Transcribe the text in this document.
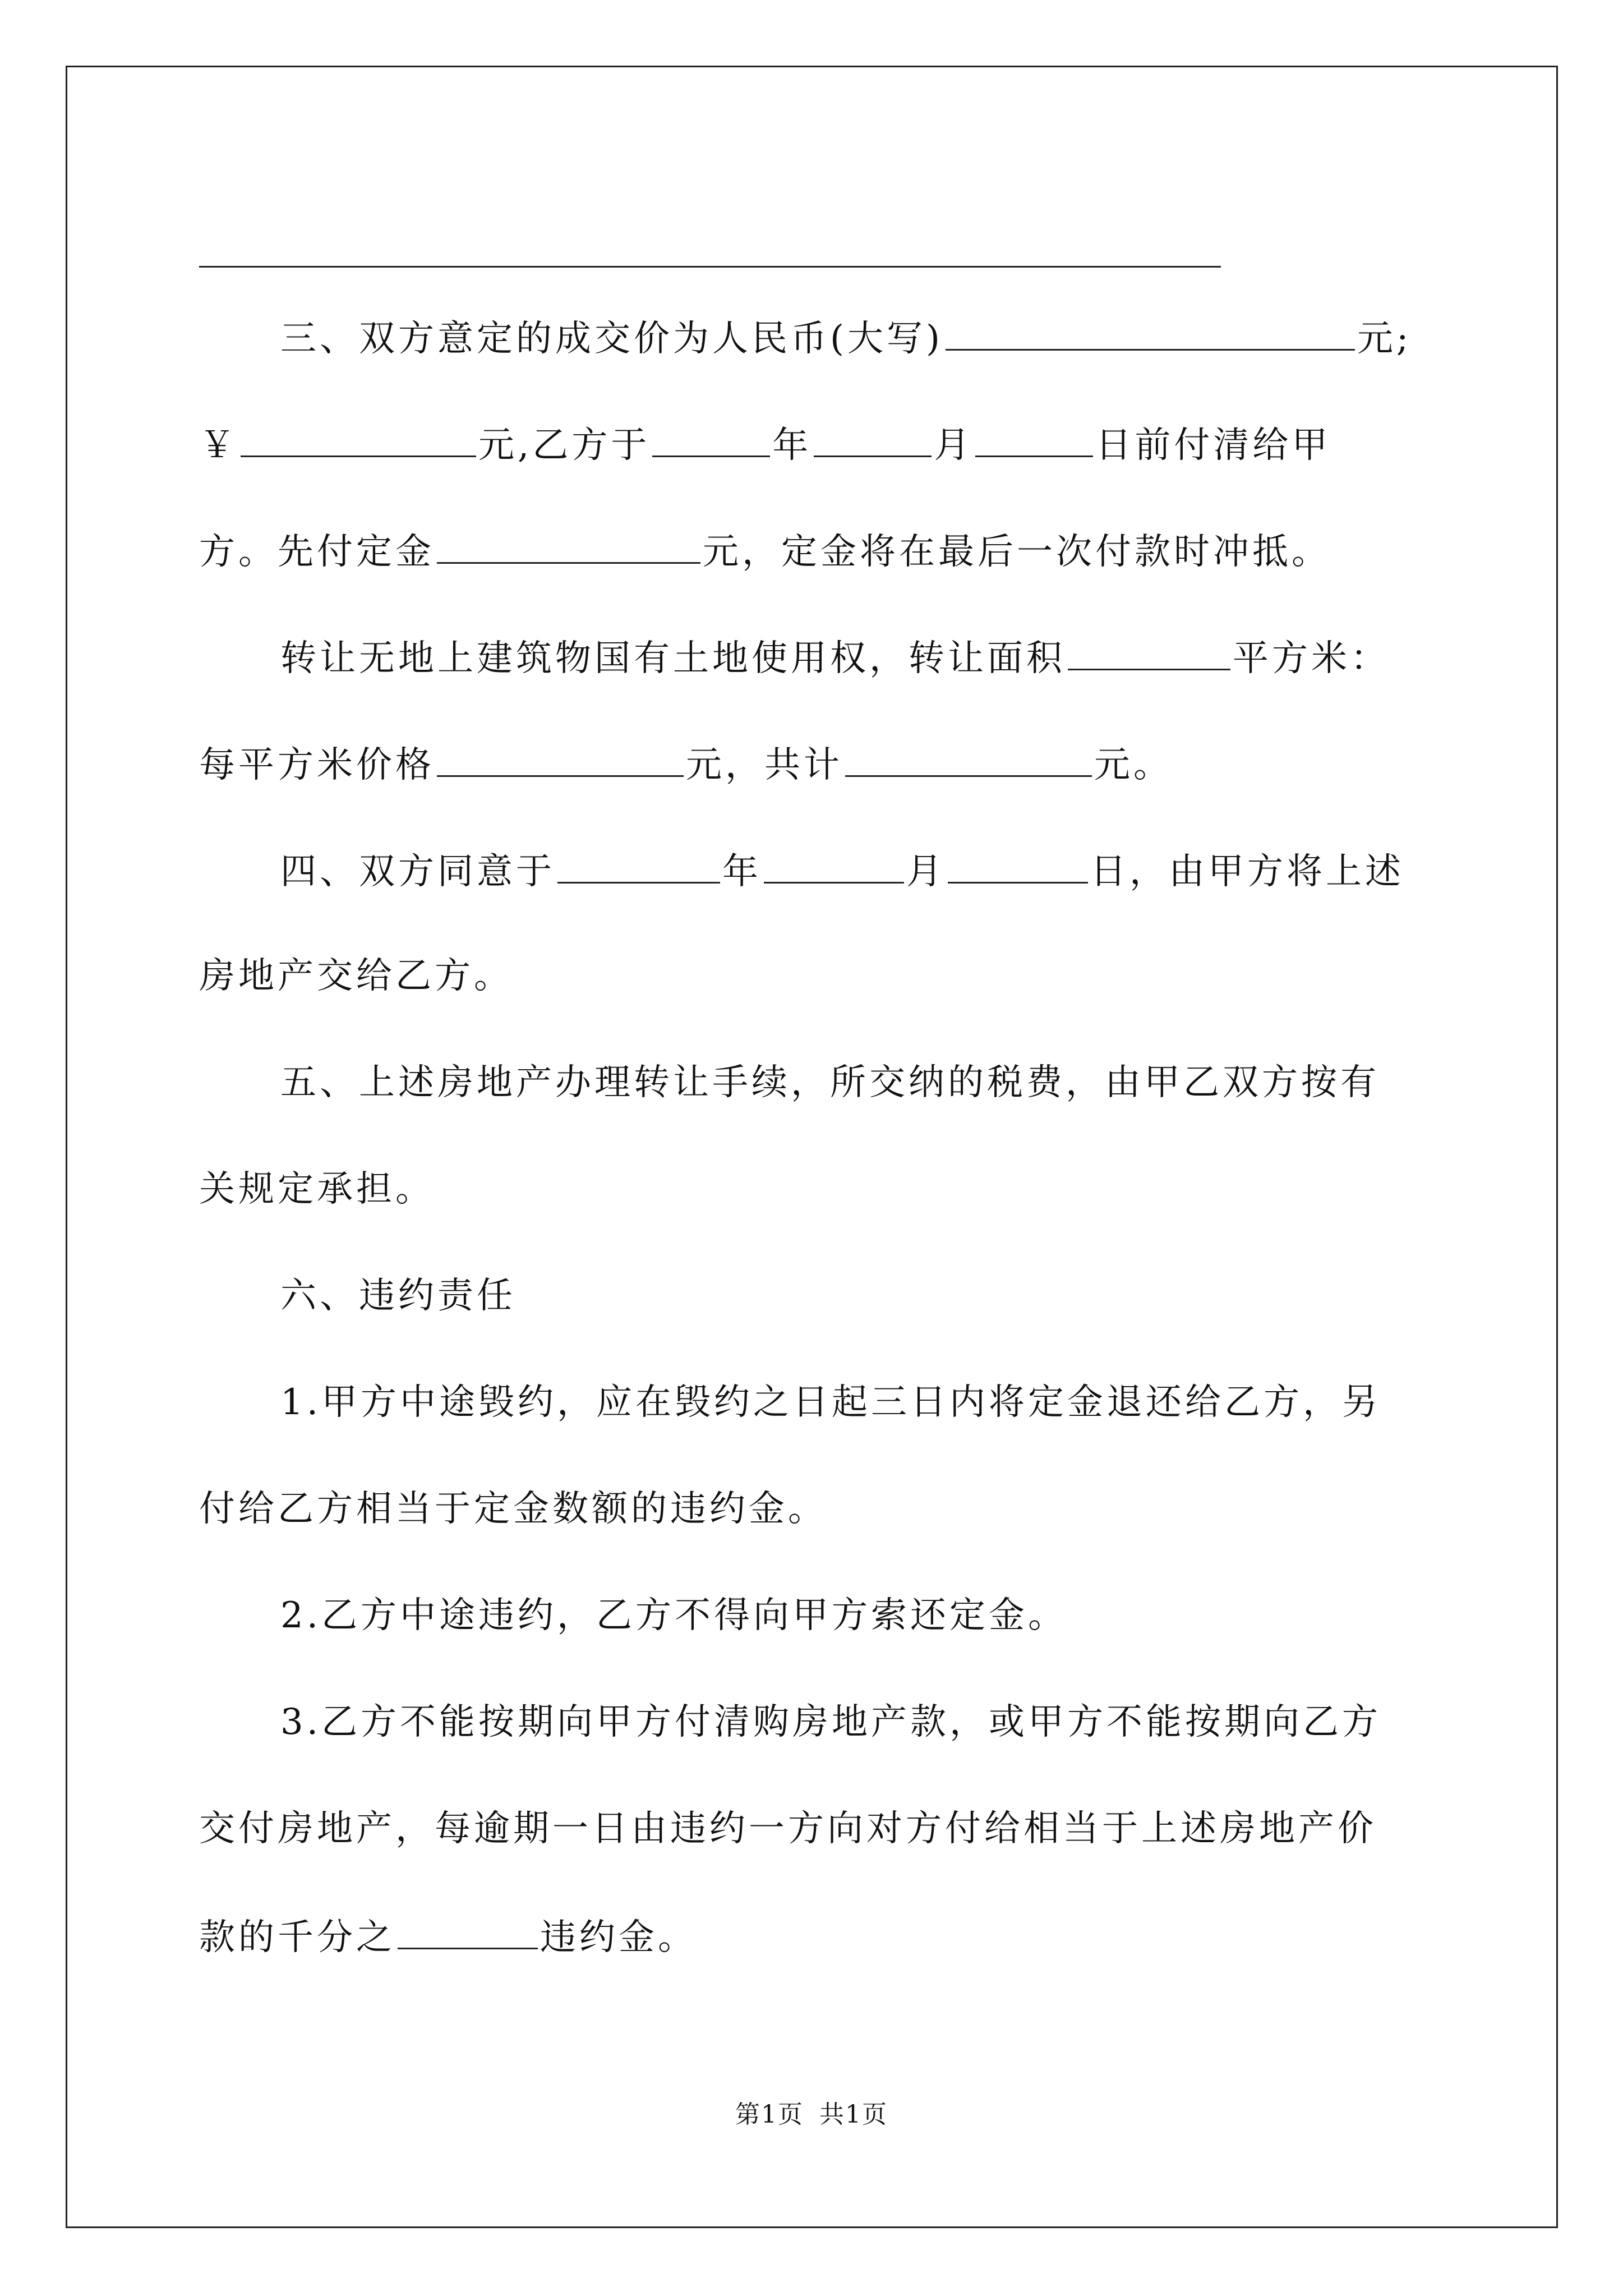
三、双方意定的成交价为人民币(大写)	元;
￥	元,乙方于	年	月	日前付清给甲
方。先付定金	元，定金将在最后一次付款时冲抵。
转让无地上建筑物国有土地使用权，转让面积	平方米：
每平方米价格	元，共计	元。
四、双方同意于	年	月	日，由甲方将上述
房地产交给乙方。
五、上述房地产办理转让手续，所交纳的税费，由甲乙双方按有
关规定承担。
六、违约责任
1.甲方中途毁约，应在毁约之日起三日内将定金退还给乙方，另
付给乙方相当于定金数额的违约金。
2.乙方中途违约，乙方不得向甲方索还定金。
3.乙方不能按期向甲方付清购房地产款，或甲方不能按期向乙方
交付房地产，每逾期一日由违约一方向对方付给相当于上述房地产价
款的千分之	违约金。
第1页 共1页
